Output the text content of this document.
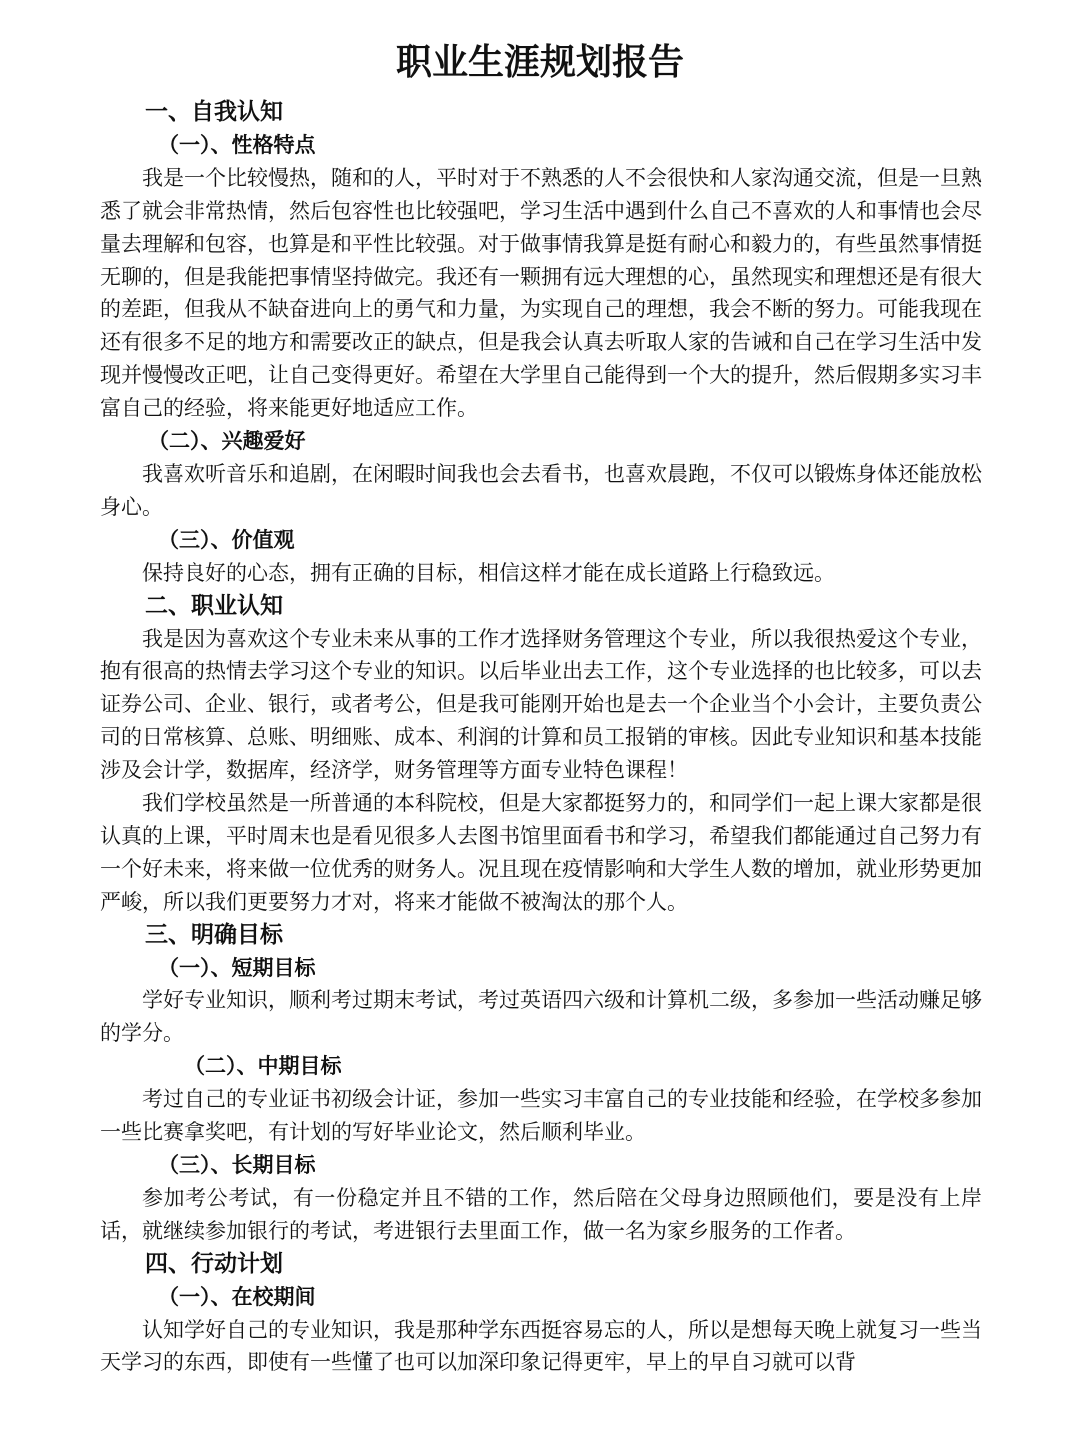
职业生涯规划报告
一、自我认知
（一）、性格特点
我是一个比较慢热，随和的人，平时对于不熟悉的人不会很快和人家沟通交流，但是一旦熟悉了就会非常热情，然后包容性也比较强吧，学习生活中遇到什么自己不喜欢的人和事情也会尽量去理解和包容，也算是和平性比较强。对于做事情我算是挺有耐心和毅力的，有些虽然事情挺无聊的，但是我能把事情坚持做完。我还有一颗拥有远大理想的心，虽然现实和理想还是有很大的差距，但我从不缺奋进向上的勇气和力量，为实现自己的理想，我会不断的努力。可能我现在还有很多不足的地方和需要改正的缺点，但是我会认真去听取人家的告诫和自己在学习生活中发现并慢慢改正吧，让自己变得更好。希望在大学里自己能得到一个大的提升，然后假期多实习丰富自己的经验，将来能更好地适应工作。
（二）、兴趣爱好
我喜欢听音乐和追剧，在闲暇时间我也会去看书，也喜欢晨跑，不仅可以锻炼身体还能放松身心。
（三）、价值观
保持良好的心态，拥有正确的目标，相信这样才能在成长道路上行稳致远。
二、职业认知
我是因为喜欢这个专业未来从事的工作才选择财务管理这个专业，所以我很热爱这个专业，抱有很高的热情去学习这个专业的知识。以后毕业出去工作，这个专业选择的也比较多，可以去证券公司、企业、银行，或者考公，但是我可能刚开始也是去一个企业当个小会计，主要负责公司的日常核算、总账、明细账、成本、利润的计算和员工报销的审核。因此专业知识和基本技能涉及会计学，数据库，经济学，财务管理等方面专业特色课程！
我们学校虽然是一所普通的本科院校，但是大家都挺努力的，和同学们一起上课大家都是很认真的上课，平时周末也是看见很多人去图书馆里面看书和学习，希望我们都能通过自己努力有一个好未来，将来做一位优秀的财务人。况且现在疫情影响和大学生人数的增加，就业形势更加严峻，所以我们更要努力才对，将来才能做不被淘汰的那个人。
三、明确目标
（一）、短期目标
学好专业知识，顺利考过期末考试，考过英语四六级和计算机二级，多参加一些活动赚足够的学分。
（二）、中期目标
考过自己的专业证书初级会计证，参加一些实习丰富自己的专业技能和经验，在学校多参加一些比赛拿奖吧，有计划的写好毕业论文，然后顺利毕业。
（三）、长期目标
参加考公考试，有一份稳定并且不错的工作，然后陪在父母身边照顾他们，要是没有上岸话，就继续参加银行的考试，考进银行去里面工作，做一名为家乡服务的工作者。
四、行动计划
（一）、在校期间
认知学好自己的专业知识，我是那种学东西挺容易忘的人，所以是想每天晚上就复习一些当天学习的东西，即使有一些懂了也可以加深印象记得更牢，早上的早自习就可以背
